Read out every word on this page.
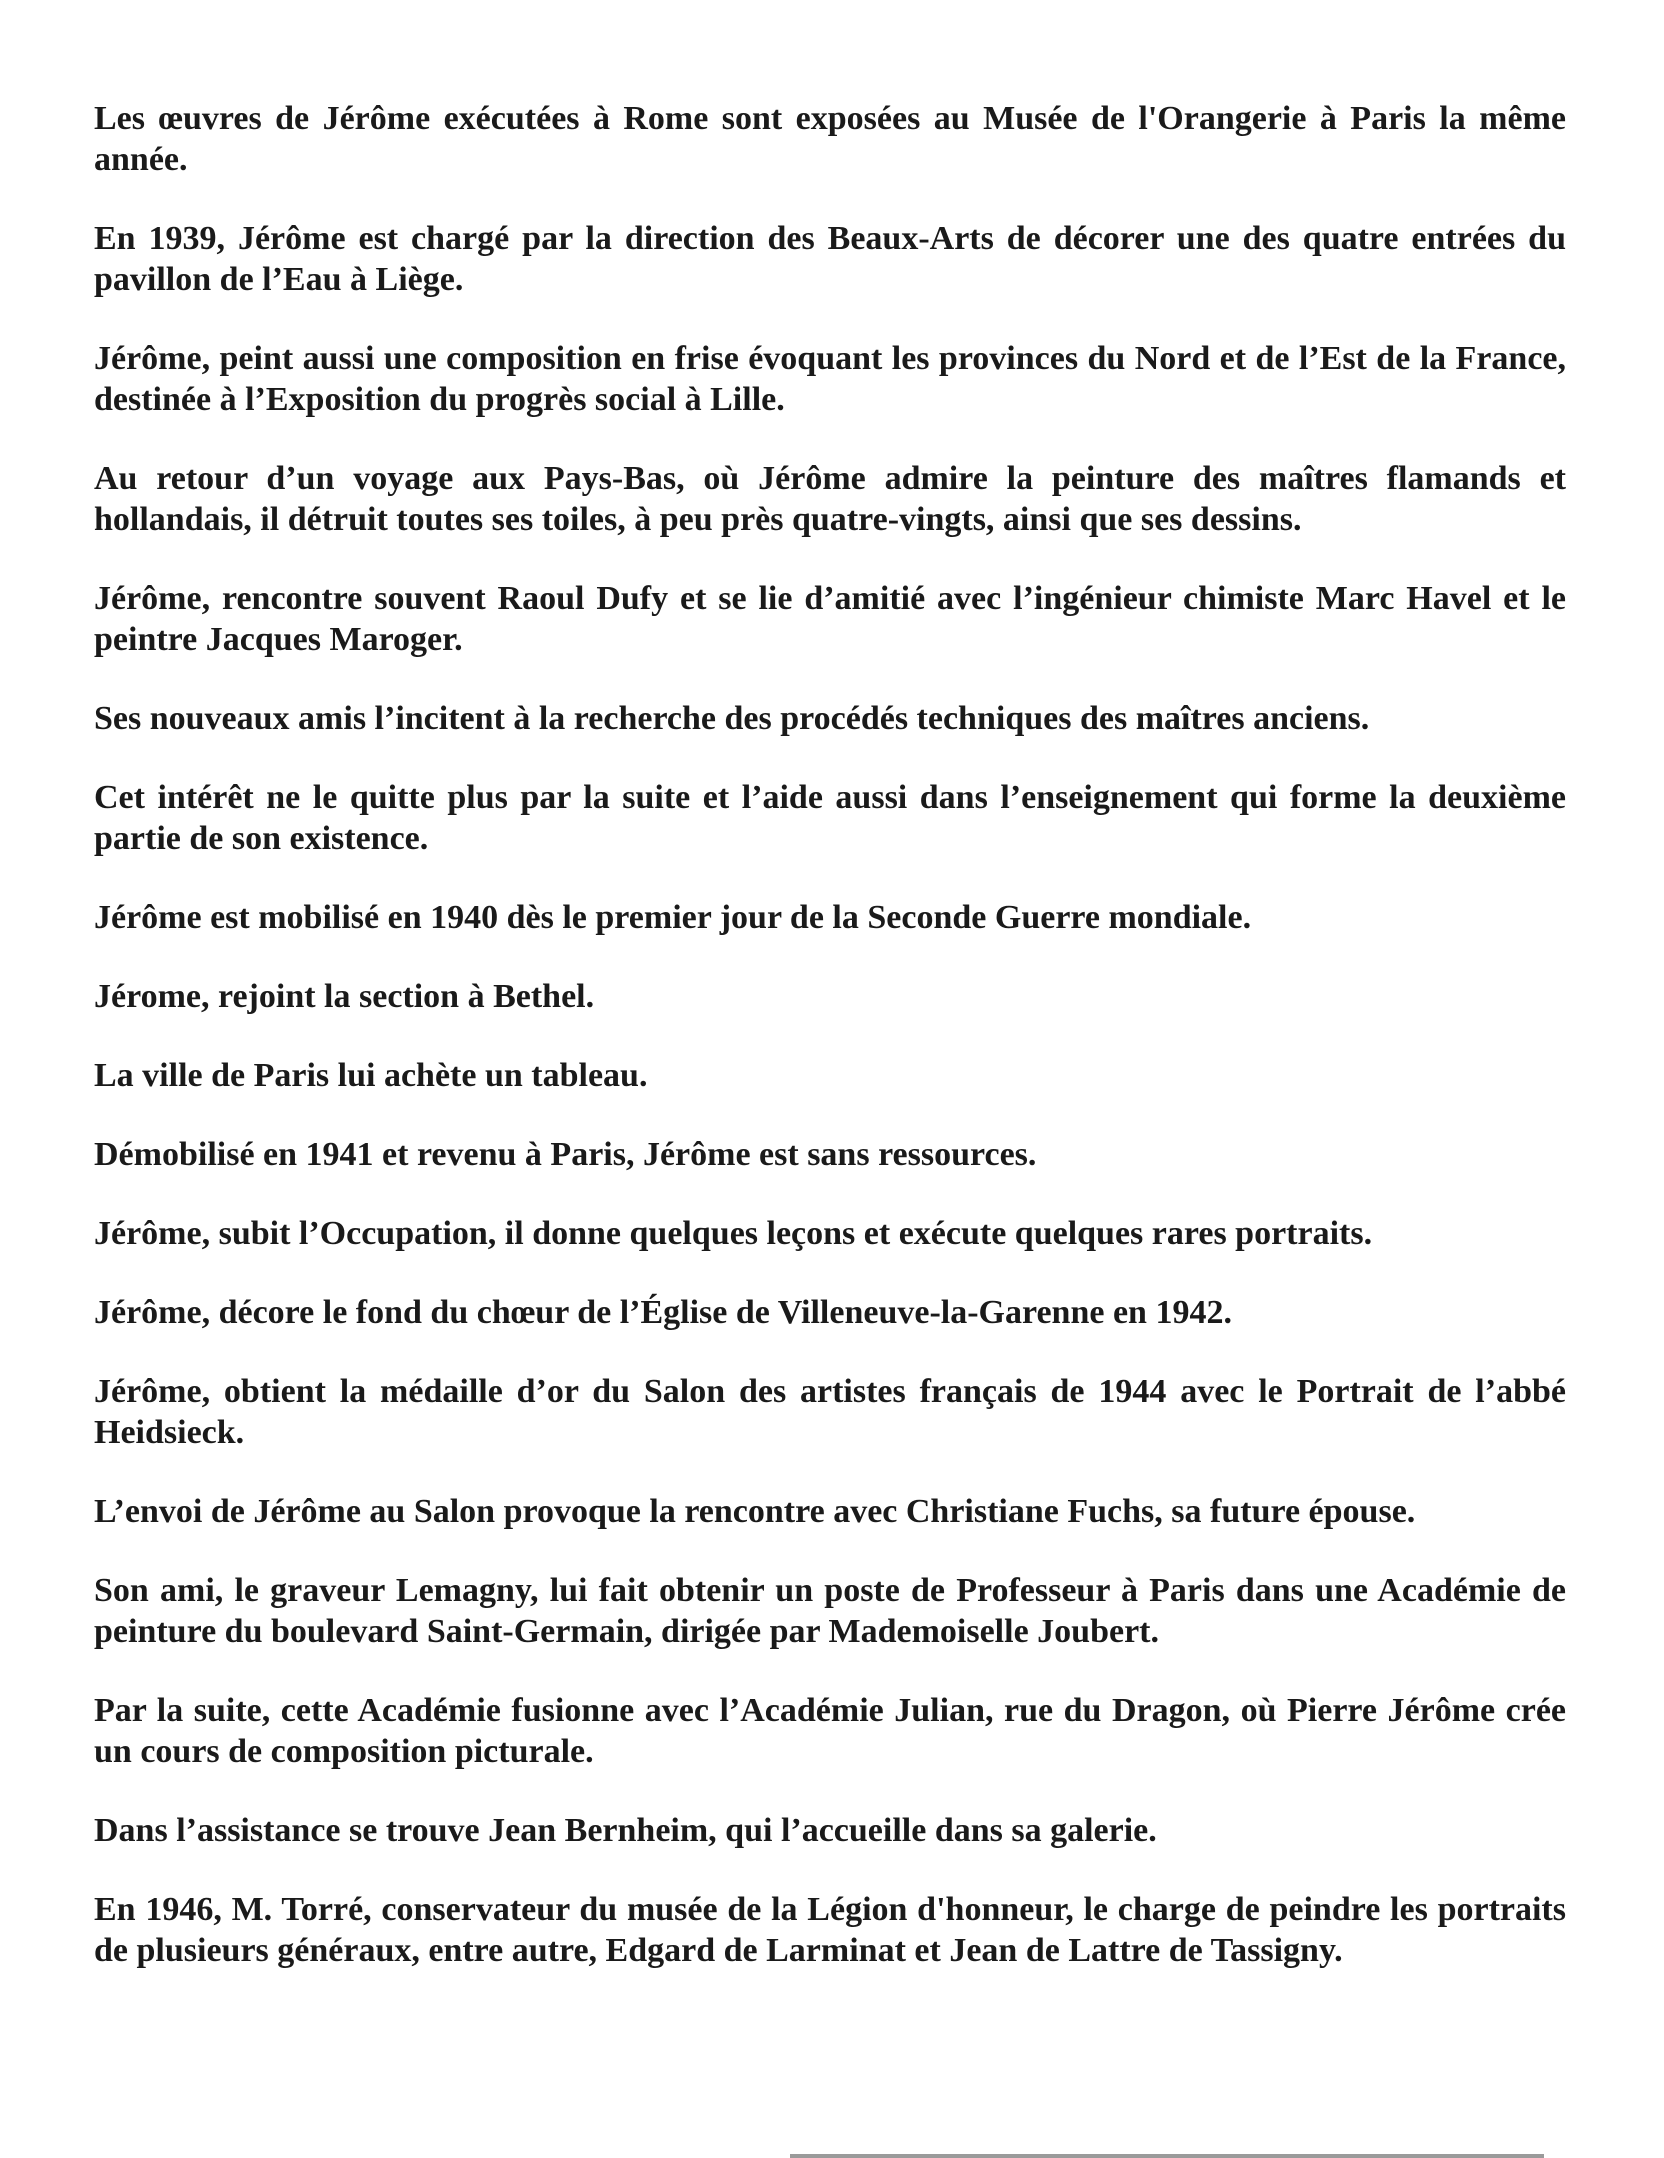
Les œuvres de Jérôme exécutées à Rome sont exposées au Musée de l'Orangerie à Paris la même année.

En 1939, Jérôme est chargé par la direction des Beaux-Arts de décorer une des quatre entrées du pavillon de l’Eau à Liège.

Jérôme, peint aussi une composition en frise évoquant les provinces du Nord et de l’Est de la France, destinée à l’Exposition du progrès social à Lille.

Au retour d’un voyage aux Pays-Bas, où Jérôme admire la peinture des maîtres flamands et hollandais, il détruit toutes ses toiles, à peu près quatre-vingts, ainsi que ses dessins.

Jérôme, rencontre souvent Raoul Dufy et se lie d’amitié avec l’ingénieur chimiste Marc Havel et le peintre Jacques Maroger.

Ses nouveaux amis l’incitent à la recherche des procédés techniques des maîtres anciens.

Cet intérêt ne le quitte plus par la suite et l’aide aussi dans l’enseignement qui forme la deuxième partie de son existence.

Jérôme est mobilisé en 1940 dès le premier jour de la Seconde Guerre mondiale.

Jérome, rejoint la section à Bethel.

La ville de Paris lui achète un tableau.

Démobilisé en 1941 et revenu à Paris, Jérôme est sans ressources.

Jérôme, subit l’Occupation, il donne quelques leçons et exécute quelques rares portraits.

Jérôme, décore le fond du chœur de l’Église de Villeneuve-la-Garenne en 1942.

Jérôme, obtient la médaille d’or du Salon des artistes français de 1944 avec le Portrait de l’abbé Heidsieck.

L’envoi de Jérôme au Salon provoque la rencontre avec Christiane Fuchs, sa future épouse.

Son ami, le graveur Lemagny, lui fait obtenir un poste de Professeur à Paris dans une Académie de peinture du boulevard Saint-Germain, dirigée par Mademoiselle Joubert.

Par la suite, cette Académie fusionne avec l’Académie Julian, rue du Dragon, où Pierre Jérôme crée un cours de composition picturale.

Dans l’assistance se trouve Jean Bernheim, qui l’accueille dans sa galerie.

En 1946, M. Torré, conservateur du musée de la Légion d'honneur, le charge de peindre les portraits de plusieurs généraux, entre autre, Edgard de Larminat et Jean de Lattre de Tassigny.
